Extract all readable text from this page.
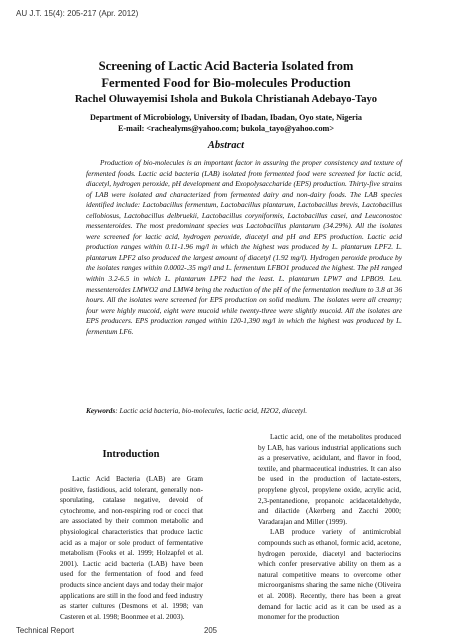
AU J.T. 15(4): 205-217 (Apr. 2012)
Screening of Lactic Acid Bacteria Isolated from
Fermented Food for Bio-molecules Production
Rachel Oluwayemisi Ishola and Bukola Christianah Adebayo-Tayo
Department of Microbiology, University of Ibadan, Ibadan, Oyo state, Nigeria
E-mail: <rachealyms@yahoo.com; bukola_tayo@yahoo.com>
Abstract

Production of bio-molecules is an important factor in assuring the proper consistency and texture of fermented foods. Lactic acid bacteria (LAB) isolated from fermented food were screened for lactic acid, diacetyl, hydrogen peroxide, pH development and Exopolysaccharide (EPS) production. Thirty-five strains of LAB were isolated and characterized from fermented dairy and non-dairy foods. The LAB species identified include: Lactobacillus fermentum, Lactobacillus plantarum, Lactobacillus brevis, Lactobacillus cellobiosus, Lactobacillus delbruekii, Lactobacillus coryniformis, Lactobacillus casei, and Leuconostoc messenteroides. The most predominant species was Lactobacillus plantarum (34.29%). All the isolates were screened for lactic acid, hydrogen peroxide, diacetyl and pH and EPS production. Lactic acid production ranges within 0.11-1.96 mg/l in which the highest was produced by L. plantarum LPF2. L. plantarum LPF2 also produced the largest amount of diacetyl (1.92 mg/l). Hydrogen peroxide produce by the isolates ranges within 0.0002-.35 mg/l and L. fermentum LFBO1 produced the highest. The pH ranged within 3.2-6.5 in which L. plantarum LPF2 had the least. L. plantarum LPW7 and LPBO9. Leu. messenteroides LMWO2 and LMW4 bring the reduction of the pH of the fermentation medium to 3.8 at 36 hours. All the isolates were screened for EPS production on solid medium. The isolates were all creamy; four were highly mucoid, eight were mucoid while twenty-three were slightly mucoid. All the isolates are EPS producers. EPS production ranged within 120-1,390 mg/l in which the highest was produced by L. fermentum LF6.

Keywords: Lactic acid bacteria, bio-molecules, lactic acid, H2O2, diacetyl.

Introduction

Lactic Acid Bacteria (LAB) are Gram positive, fastidious, acid tolerant, generally non-sporulating, catalase negative, devoid of cytochrome, and non-respiring rod or cocci that are associated by their common metabolic and physiological characteristics that produce lactic acid as a major or sole product of fermentative metabolism (Fooks et al. 1999; Holzapfel et al. 2001). Lactic acid bacteria (LAB) have been used for the fermentation of food and feed products since ancient days and today their major applications are still in the food and feed industry as starter cultures (Desmons et al. 1998; van Casteren et al. 1998; Boonmee et al. 2003).

Lactic acid, one of the metabolites produced by LAB, has various industrial applications such as a preservative, acidulant, and flavor in food, textile, and pharmaceutical industries. It can also be used in the production of lactate-esters, propylene glycol, propylene oxide, acrylic acid, 2,3-pentanedione, propanoic acidacetaldehyde, and dilactide (Åkerberg and Zacchi 2000; Varadarajan and Miller (1999).

LAB produce variety of antimicrobial compounds such as ethanol, formic acid, acetone, hydrogen peroxide, diacetyl and bacteriocins which confer preservative ability on them as a natural competitive means to overcome other microorganisms sharing the same niche (Oliveira et al. 2008). Recently, there has been a great demand for lactic acid as it can be used as a monomer for the production

Technical Report	205
